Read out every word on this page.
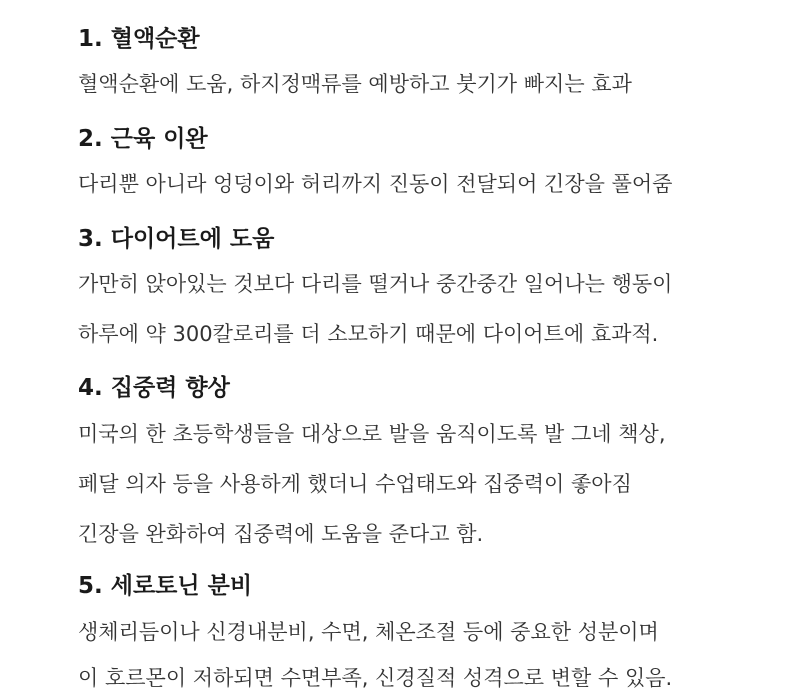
1. 혈액순환
혈액순환에 도움, 하지정맥류를 예방하고 붓기가 빠지는 효과
2. 근육 이완
다리뿐 아니라 엉덩이와 허리까지 진동이 전달되어 긴장을 풀어줌
3. 다이어트에 도움
가만히 앉아있는 것보다 다리를 떨거나 중간중간 일어나는 행동이
하루에 약 300칼로리를 더 소모하기 때문에 다이어트에 효과적.
4. 집중력 향상
미국의 한 초등학생들을 대상으로 발을 움직이도록 발 그네 책상,
페달 의자 등을 사용하게 했더니 수업태도와 집중력이 좋아짐
긴장을 완화하여 집중력에 도움을 준다고 함.
5. 세로토닌 분비
생체리듬이나 신경내분비, 수면, 체온조절 등에 중요한 성분이며
이 호르몬이 저하되면 수면부족, 신경질적 성격으로 변할 수 있음.
